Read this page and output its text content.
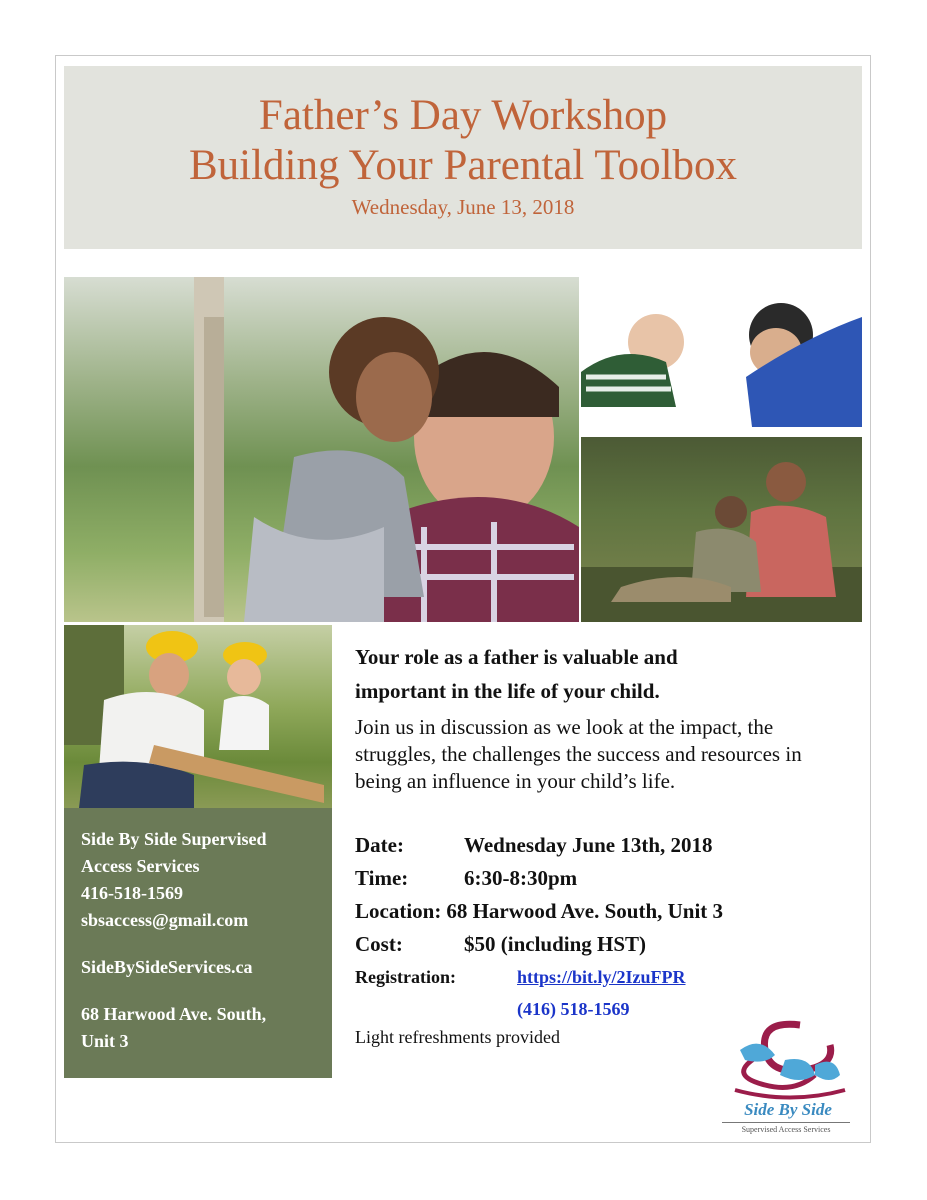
Father’s Day Workshop
Building Your Parental Toolbox
Wednesday, June 13, 2018
Side By Side Supervised
Access Services
416-518-1569
sbsaccess@gmail.com
SideBySideServices.ca
68 Harwood Ave. South,
Unit 3

Your role as a father is valuable and

important in the life of your child.

Join us in discussion as we look at the impact, the
struggles, the challenges the success and resources in
being an influence in your child’s life.
Date:	Wednesday June 13th, 2018
Time:	6:30-8:30pm
Location: 68 Harwood Ave. South, Unit 3
Cost:	$50 (including HST)
Registration:	https://bit.ly/2IzuFPR
(416) 518-1569
Light refreshments provided
Side By Side
Supervised Access Services
